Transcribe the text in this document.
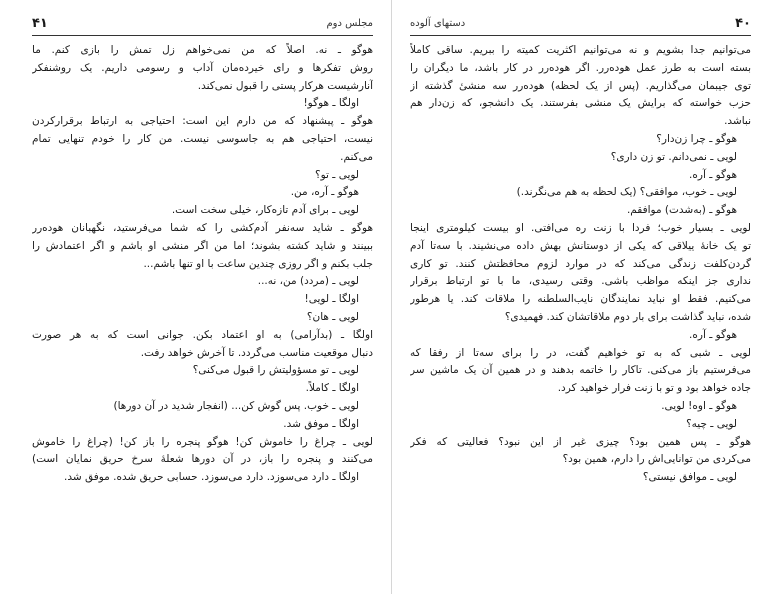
مجلس دوم
۴۱
هوگو ـ نه. اصلاً که من نمی‌خواهم زل تمش را بازی کنم. ما
روش تفکرها و رای خیرده‌مان آداب و رسومی داریم. یک روشنفکر
آنارشیست هرکار پستی را قبول نمی‌کند.
اولگا ـ هوگو!
هوگو ـ پیشنهاد که من دارم این است: احتیاجی به ارتباط برقرارکردن
نیست، احتیاجی هم به جاسوسی نیست. من کار را خودم تنهایی تمام
می‌کنم.
لویی ـ تو؟
هوگو ـ آره، من.
لویی ـ برای آدم تازه‌کار، خیلی سخت است.
هوگو ـ شاید سه‌نفر آدم‌کشی را که شما می‌فرستید، نگهبانان هوده‌رر
ببینند و شاید کشته بشوند؛ اما من اگر منشی او باشم و اگر اعتمادش را
جلب بکنم و اگر روزی چندین ساعت با او تنها باشم...
لویی ـ (مردد) من، نه...
اولگا ـ لویی!
لویی ـ هان؟
اولگا ـ (بدآرامی) به او اعتماد بکن. جوانی است که به هر صورت
دنبال موقعیت مناسب می‌گردد. تا آخرش خواهد رفت.
لویی ـ تو مسؤولیتش را قبول می‌کنی؟
اولگا ـ کاملاً.
لویی ـ خوب. پس گوش کن... (انفجار شدید در آن دورها)
اولگا ـ موفق شد.
لویی ـ چراغ را خاموش کن! هوگو پنجره را باز کن! (چراغ را خاموش
می‌کنند و پنجره را باز، در آن دورها شعلهٔ سرخ حریق نمایان است)
اولگا ـ دارد می‌سوزد. دارد می‌سوزد. حسابی حریق شده. موفق شد.
۴۰
دستهای آلوده
می‌توانیم جدا بشویم و نه می‌توانیم اکثریت کمیته را ببریم. ساقی کاملاً
بسته است به طرز عمل هوده‌رر. اگر هوده‌رر در کار باشد، ما دیگران را
توی جیبمان می‌گذاریم. (پس از یک لحظه) هوده‌رر سه منشیٔ گذشته از
حزب خواسته که برایش یک منشی بفرستند. یک دانشجو، که زن‌دار هم
نباشد.
هوگو ـ چرا زن‌دار؟
لویی ـ نمی‌دانم. تو زن داری؟
هوگو ـ آره.
لویی ـ خوب، موافقی؟ (یک لحظه به هم می‌نگرند.)
هوگو ـ (به‌شدت) موافقم.
لویی ـ بسیار خوب؛ فردا با زنت ره می‌افتی. او بیست کیلومتری اینجا
تو یک خانهٔ ییلاقی که یکی از دوستانش بهش داده می‌نشیند. با سه‌تا آدم
گردن‌کلفت زندگی می‌کند که در موارد لزوم محافظتش کنند. تو کاری
نداری جز اینکه مواظب باشی. وقتی رسیدی، ما با تو ارتباط برقرار
می‌کنیم. فقط او نباید نمایندگان نایب‌السلطنه را ملاقات کند. یا هرطور
شده، نباید گذاشت برای بار دوم ملاقاتشان کند. فهمیدی؟
هوگو ـ آره.
لویی ـ شبی که به تو خواهیم گفت، در را برای سه‌تا از رفقا که
می‌فرستیم باز می‌کنی. تاکار را خاتمه بدهند و در همین آن یک ماشین سر
جاده خواهد بود و تو با زنت فرار خواهید کرد.
هوگو ـ اوه! لویی.
لویی ـ چیه؟
هوگو ـ پس همین بود؟ چیزی غیر از این نبود؟ فعالیتی که فکر
می‌کردی من توانایی‌اش را دارم، همین بود؟
لویی ـ موافق نیستی؟
